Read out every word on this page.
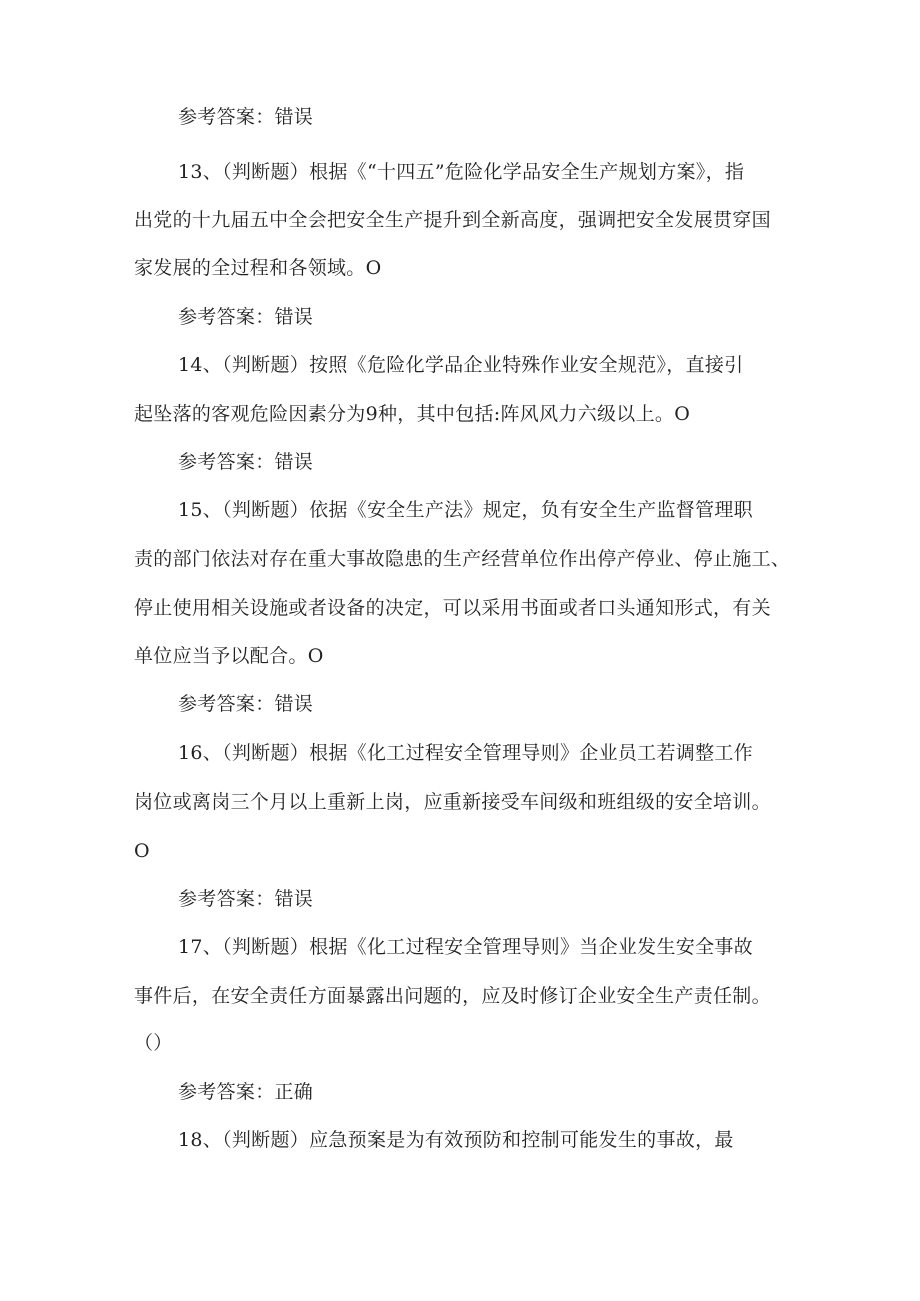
参考答案：错误
13、（判断题）根据《“十四五”危险化学品安全生产规划方案》，指
出党的十九届五中全会把安全生产提升到全新高度，强调把安全发展贯穿国
家发展的全过程和各领域。O
参考答案：错误
14、（判断题）按照《危险化学品企业特殊作业安全规范》，直接引
起坠落的客观危险因素分为9种，其中包括:阵风风力六级以上。O
参考答案：错误
15、（判断题）依据《安全生产法》规定，负有安全生产监督管理职
责的部门依法对存在重大事故隐患的生产经营单位作出停产停业、停止施工、
停止使用相关设施或者设备的决定，可以采用书面或者口头通知形式，有关
单位应当予以配合。O
参考答案：错误
16、（判断题）根据《化工过程安全管理导则》企业员工若调整工作
岗位或离岗三个月以上重新上岗，应重新接受车间级和班组级的安全培训。
O
参考答案：错误
17、（判断题）根据《化工过程安全管理导则》当企业发生安全事故
事件后，在安全责任方面暴露出问题的，应及时修订企业安全生产责任制。
（）
参考答案：正确
18、（判断题）应急预案是为有效预防和控制可能发生的事故，最
